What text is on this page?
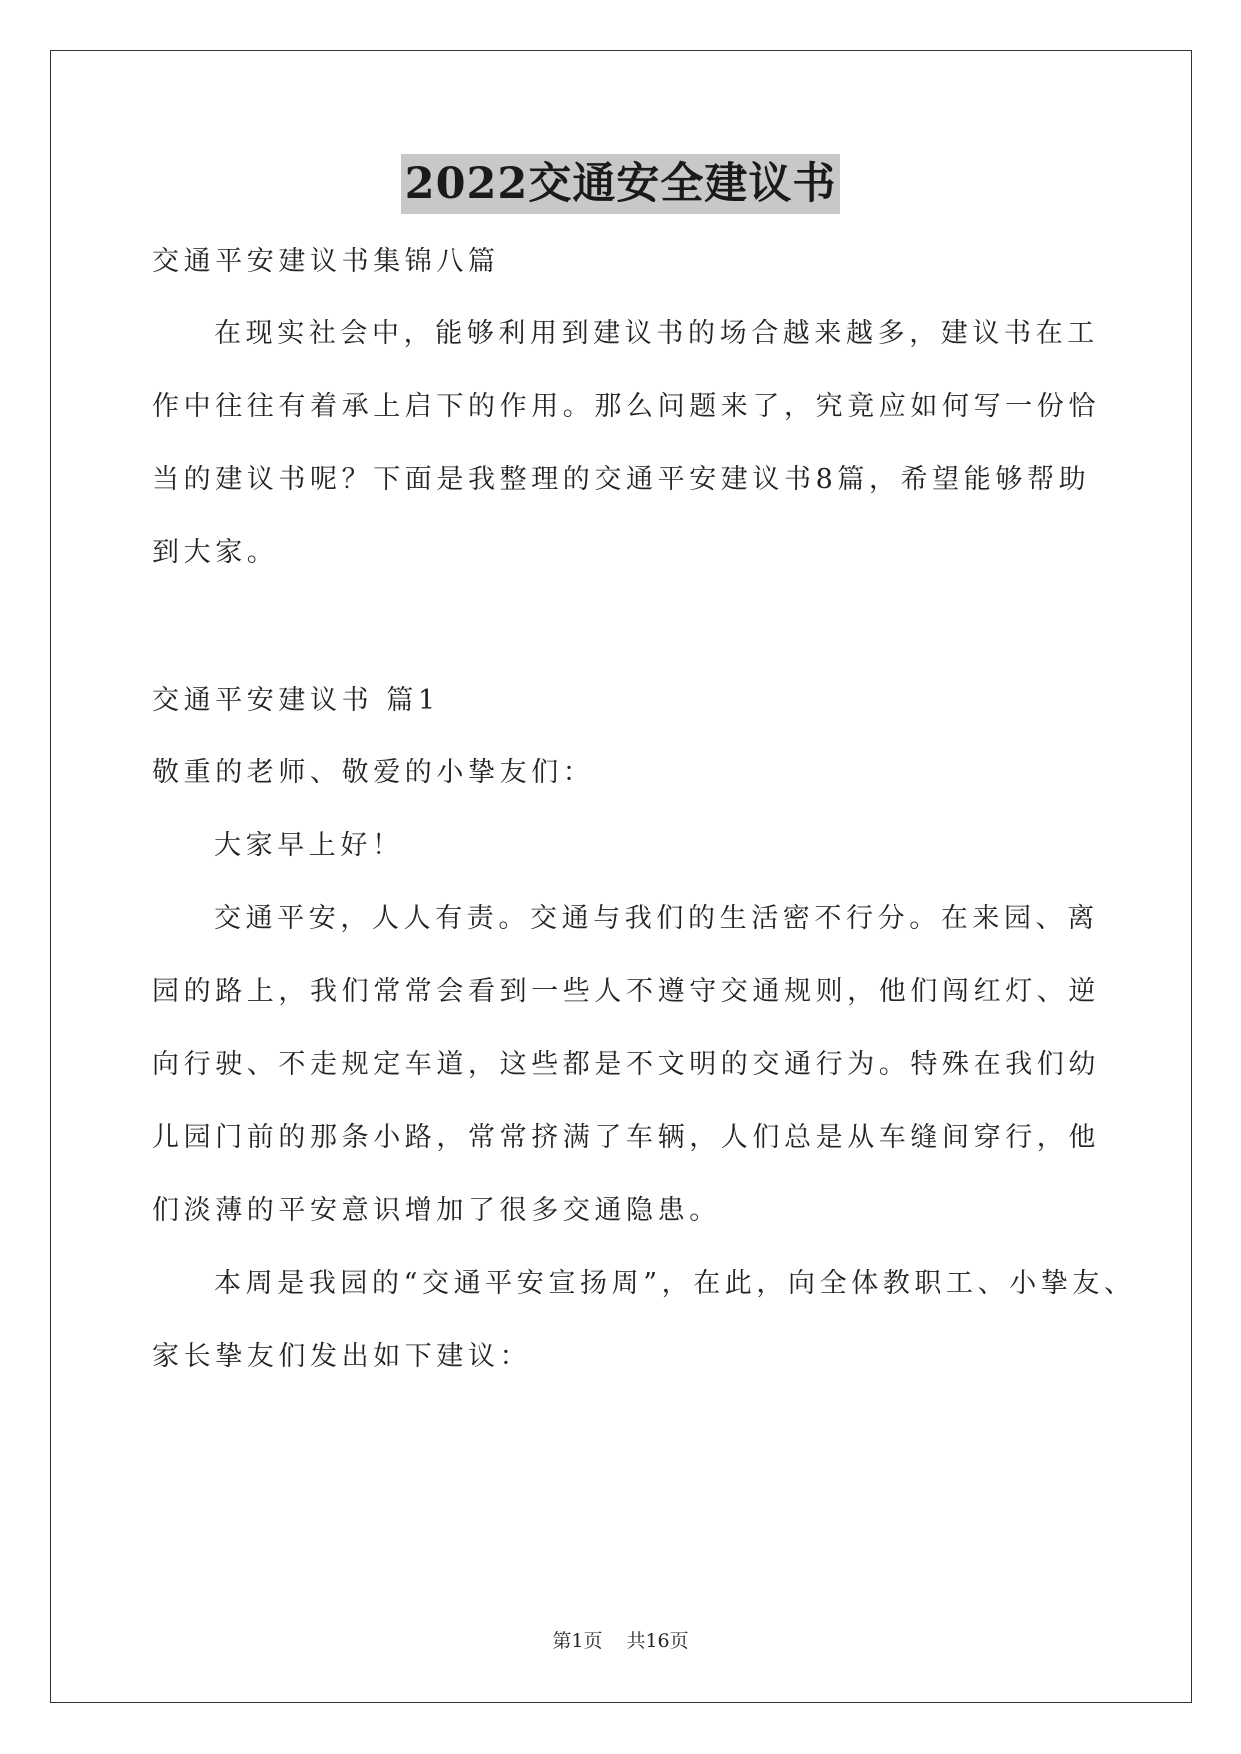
2022交通安全建议书
交通平安建议书集锦八篇
在现实社会中，能够利用到建议书的场合越来越多，建议书在工
作中往往有着承上启下的作用。那么问题来了，究竟应如何写一份恰
当的建议书呢？下面是我整理的交通平安建议书8篇，希望能够帮助
到大家。
交通平安建议书 篇1
敬重的老师、敬爱的小挚友们：
大家早上好！
交通平安，人人有责。交通与我们的生活密不行分。在来园、离
园的路上，我们常常会看到一些人不遵守交通规则，他们闯红灯、逆
向行驶、不走规定车道，这些都是不文明的交通行为。特殊在我们幼
儿园门前的那条小路，常常挤满了车辆，人们总是从车缝间穿行，他
们淡薄的平安意识增加了很多交通隐患。
本周是我园的“交通平安宣扬周”，在此，向全体教职工、小挚友、
家长挚友们发出如下建议：
第1页 共16页
